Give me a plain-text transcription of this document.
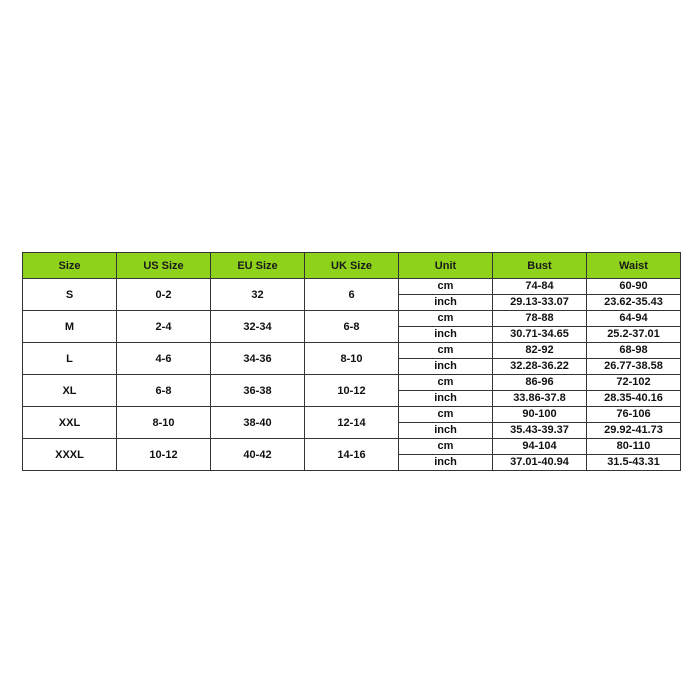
Size	US Size	EU Size	UK Size	Unit	Bust	Waist
S	0-2	32	6	cm	74-84	60-90
				inch	29.13-33.07	23.62-35.43
M	2-4	32-34	6-8	cm	78-88	64-94
				inch	30.71-34.65	25.2-37.01
L	4-6	34-36	8-10	cm	82-92	68-98
				inch	32.28-36.22	26.77-38.58
XL	6-8	36-38	10-12	cm	86-96	72-102
				inch	33.86-37.8	28.35-40.16
XXL	8-10	38-40	12-14	cm	90-100	76-106
				inch	35.43-39.37	29.92-41.73
XXXL	10-12	40-42	14-16	cm	94-104	80-110
				inch	37.01-40.94	31.5-43.31
